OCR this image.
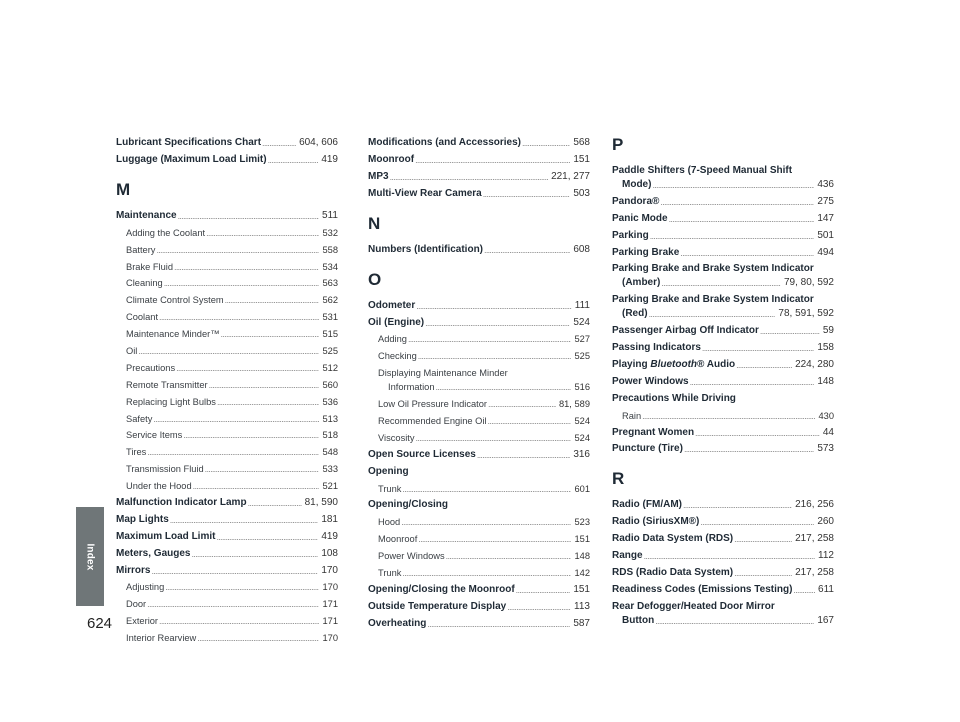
Lubricant Specifications Chart . . .	604, 606
Luggage (Maximum Load Limit) . . .	419
M
Maintenance . . .	511
Adding the Coolant . . .	532
Battery . . .	558
Brake Fluid . . .	534
Cleaning . . .	563
Climate Control System . . .	562
Coolant . . .	531
Maintenance Minder™ . . .	515
Oil . . .	525
Precautions . . .	512
Remote Transmitter . . .	560
Replacing Light Bulbs . . .	536
Safety . . .	513
Service Items . . .	518
Tires . . .	548
Transmission Fluid . . .	533
Under the Hood . . .	521
Malfunction Indicator Lamp . . .	81, 590
Map Lights . . .	181
Maximum Load Limit . . .	419
Meters, Gauges . . .	108
Mirrors . . .	170
Adjusting . . .	170
Door . . .	171
Exterior . . .	171
Interior Rearview . . .	170
Modifications (and Accessories) . . .	568
Moonroof . . .	151
MP3 . . .	221, 277
Multi-View Rear Camera . . .	503
N
Numbers (Identification) . . .	608
O
Odometer . . .	111
Oil (Engine) . . .	524
Adding . . .	527
Checking . . .	525
Displaying Maintenance Minder
Information . . .	516
Low Oil Pressure Indicator . . .	81, 589
Recommended Engine Oil . . .	524
Viscosity . . .	524
Open Source Licenses . . .	316
Opening
Trunk . . .	601
Opening/Closing
Hood . . .	523
Moonroof . . .	151
Power Windows . . .	148
Trunk . . .	142
Opening/Closing the Moonroof . . .	151
Outside Temperature Display . . .	113
Overheating . . .	587
P
Paddle Shifters (7-Speed Manual Shift
Mode) . . .	436
Pandora® . . .	275
Panic Mode . . .	147
Parking . . .	501
Parking Brake . . .	494
Parking Brake and Brake System Indicator
(Amber) . . .	79, 80, 592
Parking Brake and Brake System Indicator
(Red) . . .	78, 591, 592
Passenger Airbag Off Indicator . . .	59
Passing Indicators . . .	158
Playing Bluetooth® Audio . . .	224, 280
Power Windows . . .	148
Precautions While Driving
Rain . . .	430
Pregnant Women . . .	44
Puncture (Tire) . . .	573
R
Radio (FM/AM) . . .	216, 256
Radio (SiriusXM®) . . .	260
Radio Data System (RDS) . . .	217, 258
Range . . .	112
RDS (Radio Data System) . . .	217, 258
Readiness Codes (Emissions Testing) . . .	611
Rear Defogger/Heated Door Mirror
Button . . .	167
Index
624
